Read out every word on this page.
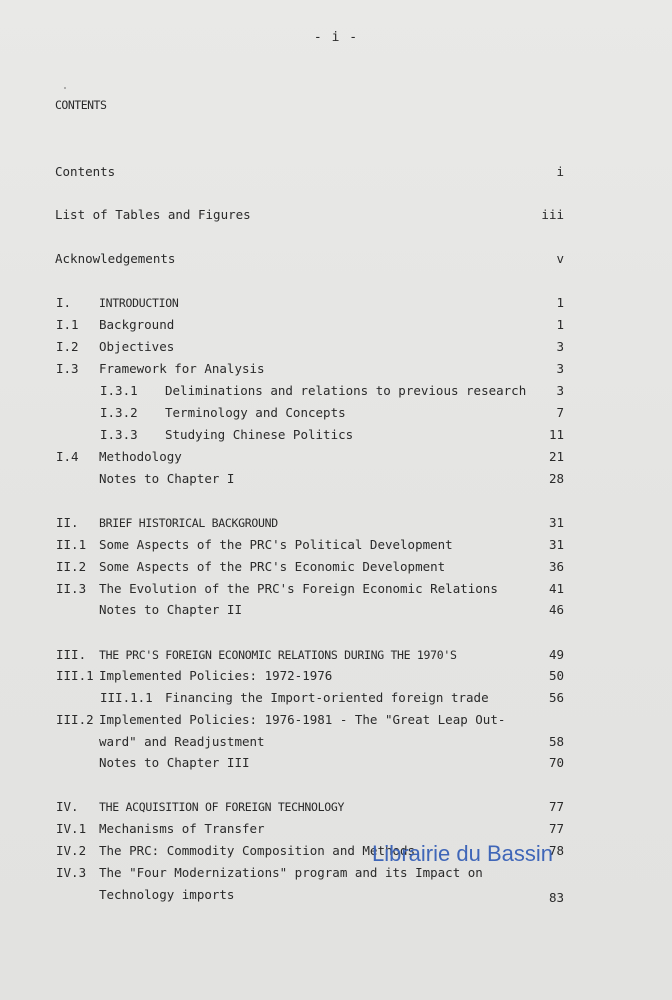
- i -
CONTENTS
Contents	i
List of Tables and Figures	iii
Acknowledgements	v
I. INTRODUCTION	1
I.1 Background	1
I.2 Objectives	3
I.3 Framework for Analysis	3
I.3.1 Deliminations and relations to previous research 3
I.3.2 Terminology and Concepts	7
I.3.3 Studying Chinese Politics	11
I.4 Methodology	21
Notes to Chapter I	28
II. BRIEF HISTORICAL BACKGROUND	31
II.1 Some Aspects of the PRC's Political Development	31
II.2 Some Aspects of the PRC's Economic Development	36
II.3 The Evolution of the PRC's Foreign Economic Relations	41
Notes to Chapter II	46
III. THE PRC'S FOREIGN ECONOMIC RELATIONS DURING THE 1970'S	49
III.1 Implemented Policies: 1972-1976	50
III.1.1 Financing the Import-oriented foreign trade	56
III.2 Implemented Policies: 1976-1981 - The "Great Leap Out-
ward" and Readjustment	58
Notes to Chapter III	70
IV. THE ACQUISITION OF FOREIGN TECHNOLOGY	77
IV.1 Mechanisms of Transfer	77
IV.2 The PRC: Commodity Composition and Methods	78
IV.3 The "Four Modernizations" program and its Impact on
Technology imports	83
Librairie du Bassin
